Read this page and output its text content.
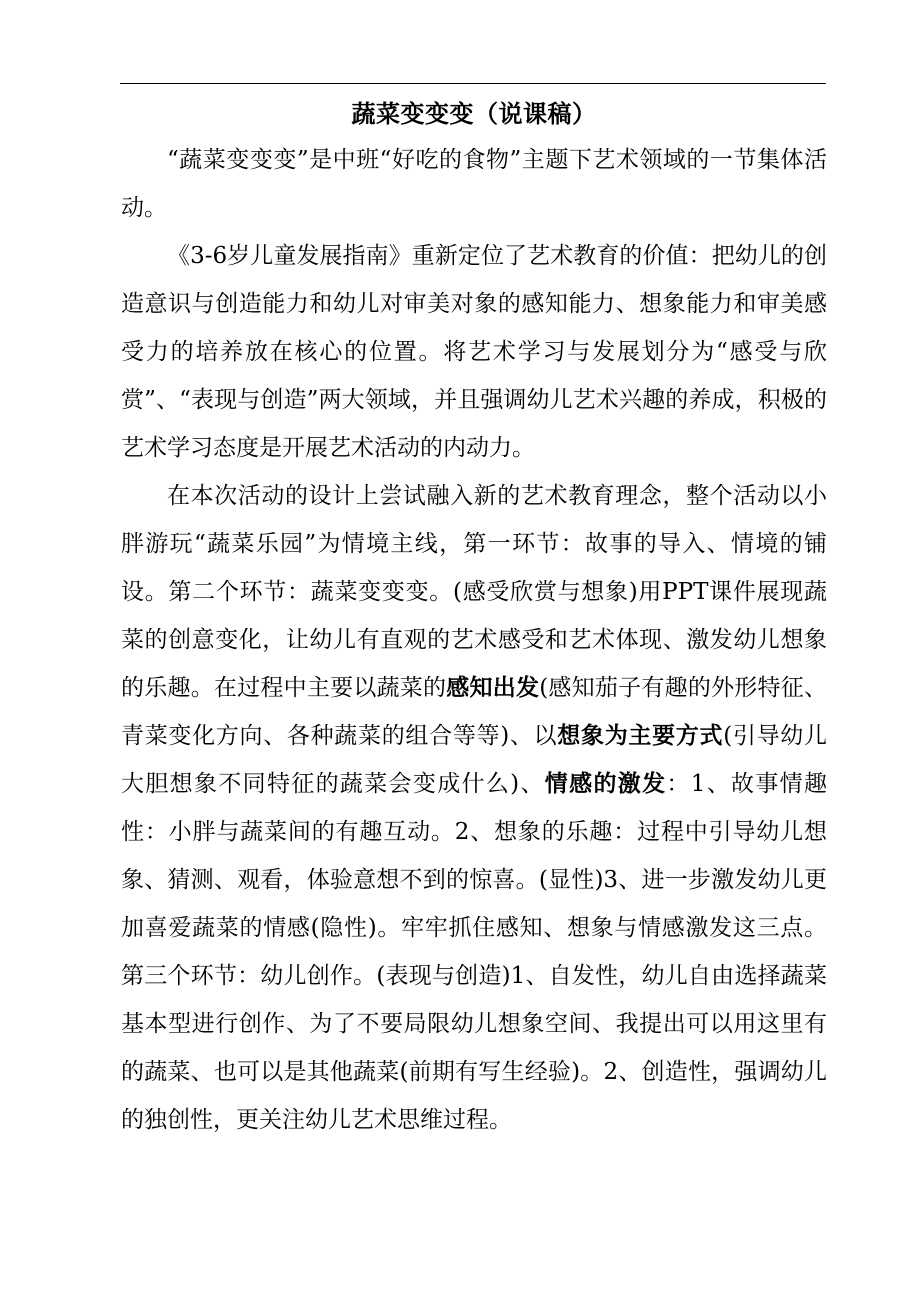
蔬菜变变变（说课稿）

“蔬菜变变变”是中班“好吃的食物”主题下艺术领域的一节集体活动。

《3-6岁儿童发展指南》重新定位了艺术教育的价值：把幼儿的创造意识与创造能力和幼儿对审美对象的感知能力、想象能力和审美感受力的培养放在核心的位置。将艺术学习与发展划分为“感受与欣赏”、“表现与创造”两大领域，并且强调幼儿艺术兴趣的养成，积极的艺术学习态度是开展艺术活动的内动力。

在本次活动的设计上尝试融入新的艺术教育理念，整个活动以小胖游玩“蔬菜乐园”为情境主线，第一环节：故事的导入、情境的铺设。第二个环节：蔬菜变变变。(感受欣赏与想象)用PPT课件展现蔬菜的创意变化，让幼儿有直观的艺术感受和艺术体现、激发幼儿想象的乐趣。在过程中主要以蔬菜的感知出发(感知茄子有趣的外形特征、青菜变化方向、各种蔬菜的组合等等)、以想象为主要方式(引导幼儿大胆想象不同特征的蔬菜会变成什么)、情感的激发：1、故事情趣性：小胖与蔬菜间的有趣互动。2、想象的乐趣：过程中引导幼儿想象、猜测、观看，体验意想不到的惊喜。(显性)3、进一步激发幼儿更加喜爱蔬菜的情感(隐性)。牢牢抓住感知、想象与情感激发这三点。第三个环节：幼儿创作。(表现与创造)1、自发性，幼儿自由选择蔬菜基本型进行创作、为了不要局限幼儿想象空间、我提出可以用这里有的蔬菜、也可以是其他蔬菜(前期有写生经验)。2、创造性，强调幼儿的独创性，更关注幼儿艺术思维过程。
